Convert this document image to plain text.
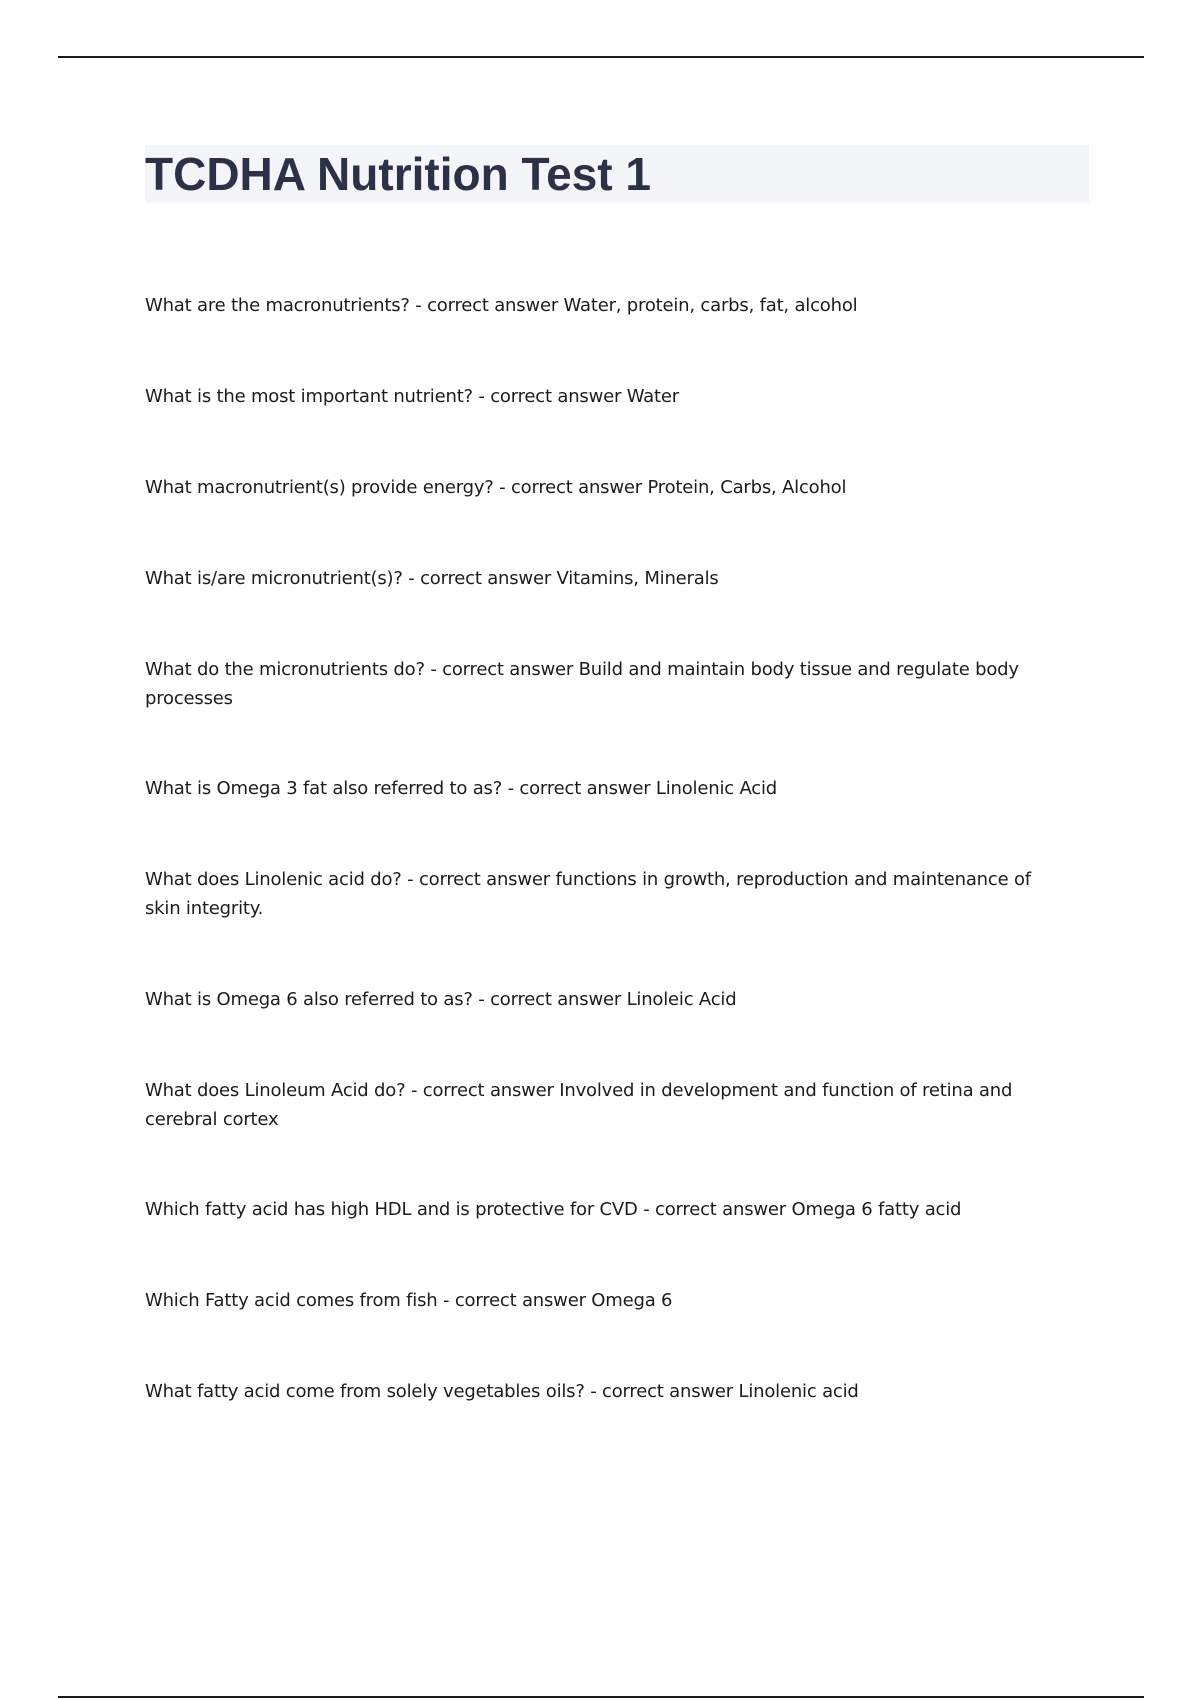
TCDHA Nutrition Test 1
What are the macronutrients? - correct answer Water, protein, carbs, fat, alcohol
What is the most important nutrient? - correct answer Water
What macronutrient(s) provide energy? - correct answer Protein, Carbs, Alcohol
What is/are micronutrient(s)? - correct answer Vitamins, Minerals
What do the micronutrients do? - correct answer Build and maintain body tissue and regulate body processes
What is Omega 3 fat also referred to as? - correct answer Linolenic Acid
What does Linolenic acid do? - correct answer functions in growth, reproduction and maintenance of skin integrity.
What is Omega 6 also referred to as? - correct answer Linoleic Acid
What does Linoleum Acid do? - correct answer Involved in development and function of retina and cerebral cortex
Which fatty acid has high HDL and is protective for CVD - correct answer Omega 6 fatty acid
Which Fatty acid comes from fish - correct answer Omega 6
What fatty acid come from solely vegetables oils? - correct answer Linolenic acid
